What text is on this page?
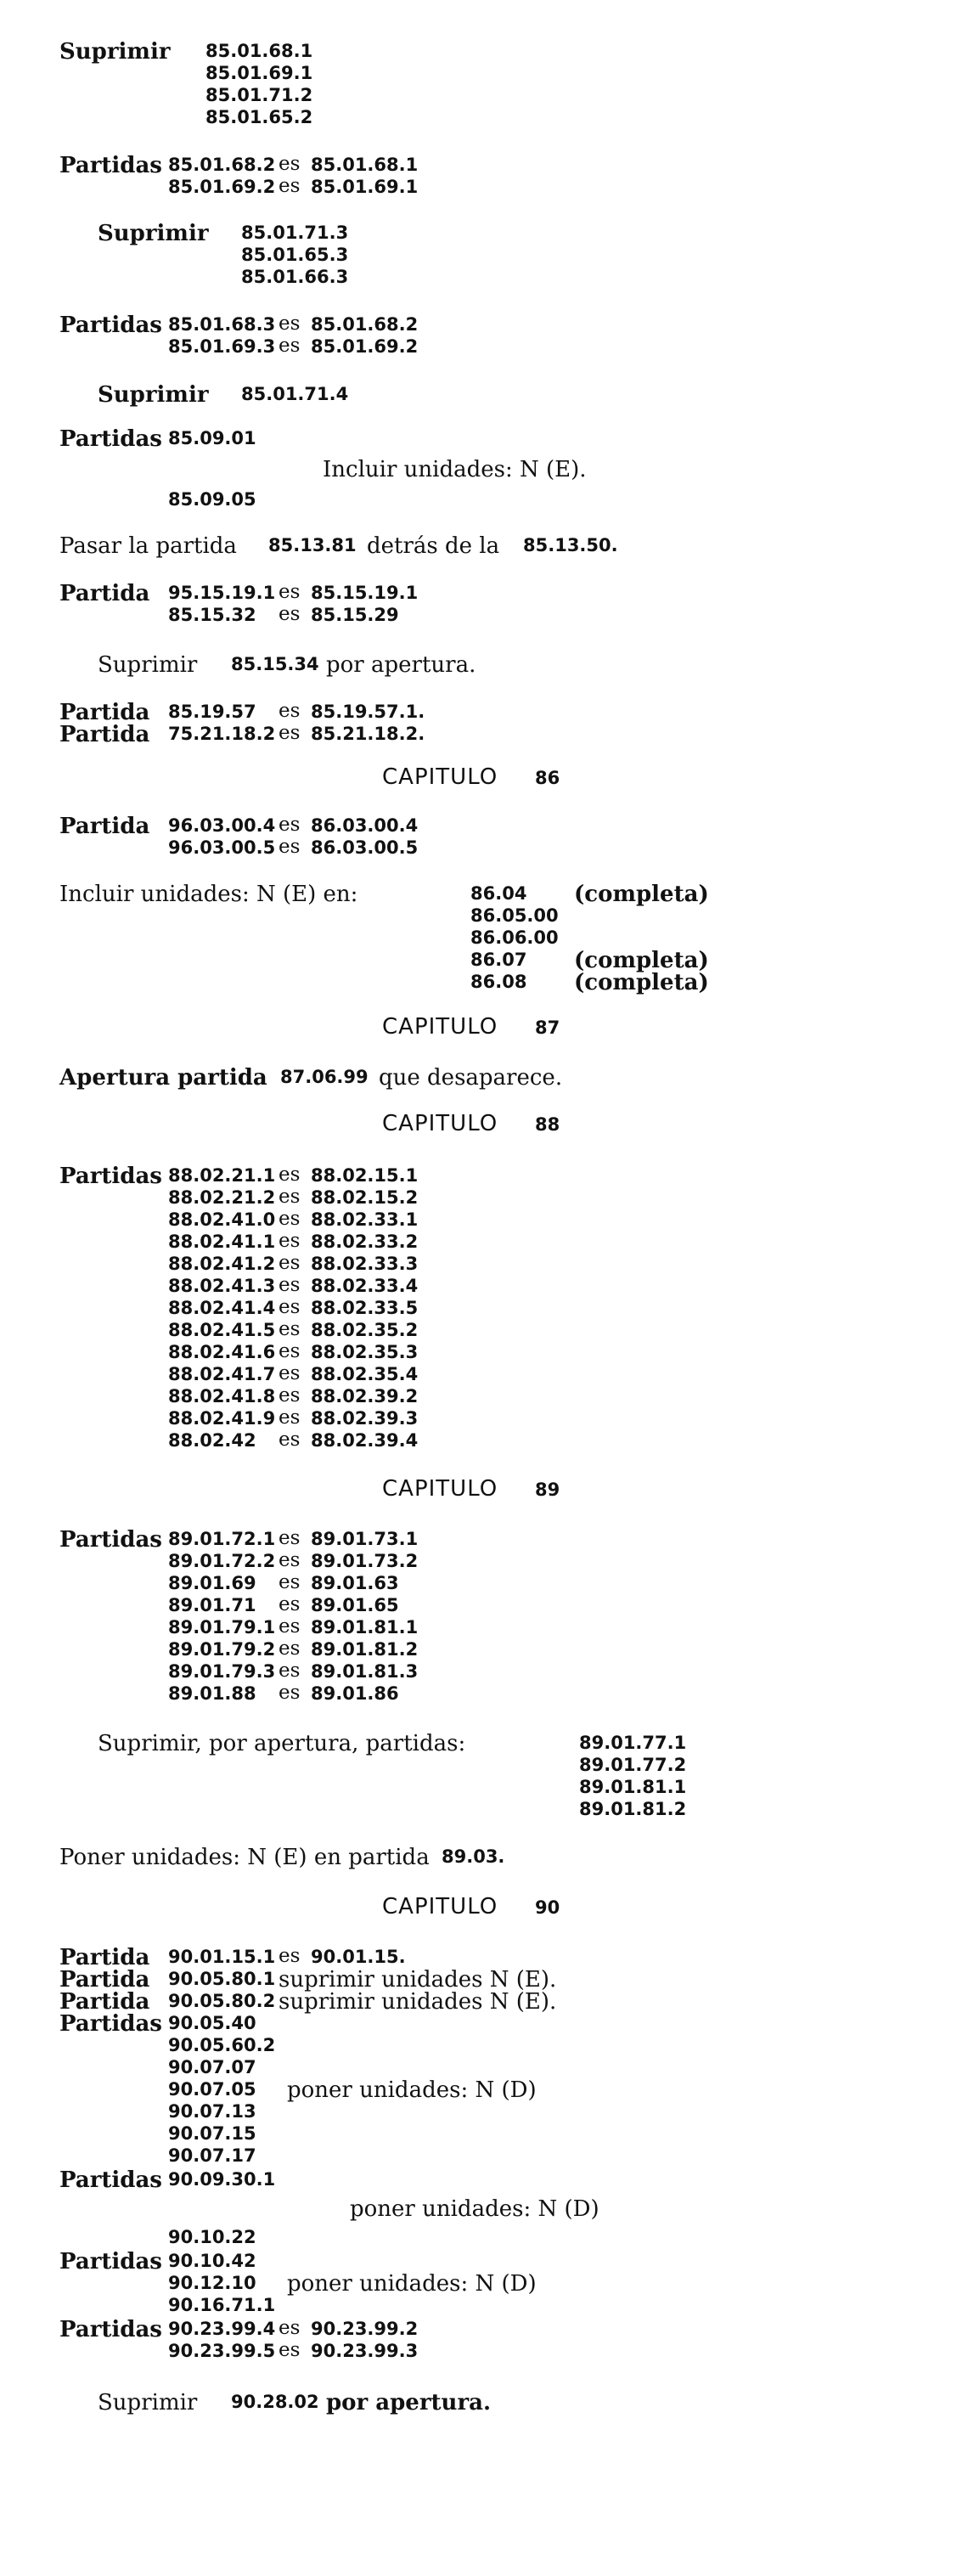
Suprimir 85.01.68.1
85.01.69.1
85.01.71.2
85.01.65.2
Partidas 85.01.68.2 es 85.01.68.1
85.01.69.2 es 85.01.69.1
Suprimir 85.01.71.3
85.01.65.3
85.01.66.3
Partidas 85.01.68.3 es 85.01.68.2
85.01.69.3 es 85.01.69.2
Suprimir 85.01.71.4
Partidas 85.09.01
Incluir unidades: N (E).
85.09.05
Pasar la partida 85.13.81 detrás de la 85.13.50.
Partida 95.15.19.1 es 85.15.19.1
85.15.32 es 85.15.29
Suprimir 85.15.34 por apertura.
Partida 85.19.57 es 85.19.57.1.
Partida 75.21.18.2 es 85.21.18.2.
CAPITULO 86
Partida 96.03.00.4 es 86.03.00.4
96.03.00.5 es 86.03.00.5
Incluir unidades: N (E) en:	86.04 (completa)
86.05.00
86.06.00
86.07 (completa)
86.08 (completa)
CAPITULO 87
Apertura partida 87.06.99 que desaparece.
CAPITULO 88
Partidas 88.02.21.1 es 88.02.15.1
88.02.21.2 es 88.02.15.2
88.02.41.0 es 88.02.33.1
88.02.41.1 es 88.02.33.2
88.02.41.2 es 88.02.33.3
88.02.41.3 es 88.02.33.4
88.02.41.4 es 88.02.33.5
88.02.41.5 es 88.02.35.2
88.02.41.6 es 88.02.35.3
88.02.41.7 es 88.02.35.4
88.02.41.8 es 88.02.39.2
88.02.41.9 es 88.02.39.3
88.02.42 es 88.02.39.4
CAPITULO 89
Partidas 89.01.72.1 es 89.01.73.1
89.01.72.2 es 89.01.73.2
89.01.69 es 89.01.63
89.01.71 es 89.01.65
89.01.79.1 es 89.01.81.1
89.01.79.2 es 89.01.81.2
89.01.79.3 es 89.01.81.3
89.01.88 es 89.01.86
Suprimir, por apertura, partidas:	89.01.77.1
89.01.77.2
89.01.81.1
89.01.81.2
Poner unidades: N (E) en partida 89.03.
CAPITULO 90
Partida 90.01.15.1 es 90.01.15.
Partida 90.05.80.1 suprimir unidades N (E).
Partida 90.05.80.2 suprimir unidades N (E).
Partidas 90.05.40
90.05.60.2
90.07.07
90.07.05 poner unidades: N (D)
90.07.13
90.07.15
90.07.17
Partidas 90.09.30.1
poner unidades: N (D)
90.10.22
Partidas 90.10.42
90.12.10 poner unidades: N (D)
90.16.71.1
Partidas 90.23.99.4 es 90.23.99.2
90.23.99.5 es 90.23.99.3
Suprimir 90.28.02 por apertura.
